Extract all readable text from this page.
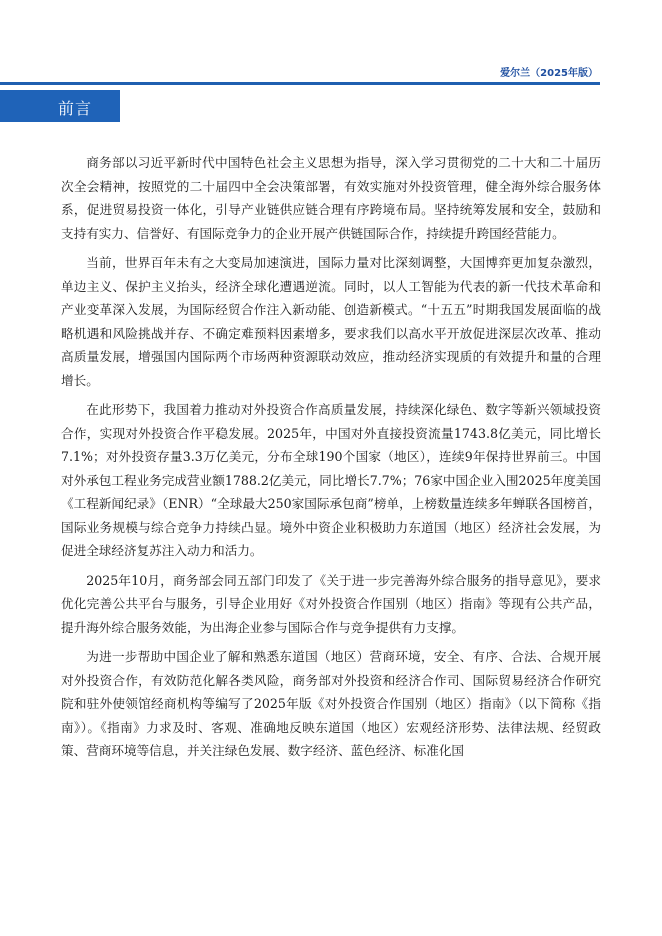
爱尔兰（2025年版）
前言

商务部以习近平新时代中国特色社会主义思想为指导，深入学习贯彻党的二十大和二十届历次全会精神，按照党的二十届四中全会决策部署，有效实施对外投资管理，健全海外综合服务体系，促进贸易投资一体化，引导产业链供应链合理有序跨境布局。坚持统筹发展和安全，鼓励和支持有实力、信誉好、有国际竞争力的企业开展产供链国际合作，持续提升跨国经营能力。

当前，世界百年未有之大变局加速演进，国际力量对比深刻调整，大国博弈更加复杂激烈，单边主义、保护主义抬头，经济全球化遭遇逆流。同时，以人工智能为代表的新一代技术革命和产业变革深入发展，为国际经贸合作注入新动能、创造新模式。“十五五”时期我国发展面临的战略机遇和风险挑战并存、不确定难预料因素增多，要求我们以高水平开放促进深层次改革、推动高质量发展，增强国内国际两个市场两种资源联动效应，推动经济实现质的有效提升和量的合理增长。

在此形势下，我国着力推动对外投资合作高质量发展，持续深化绿色、数字等新兴领域投资合作，实现对外投资合作平稳发展。2025年，中国对外直接投资流量1743.8亿美元，同比增长7.1%；对外投资存量3.3万亿美元，分布全球190个国家（地区），连续9年保持世界前三。中国对外承包工程业务完成营业额1788.2亿美元，同比增长7.7%；76家中国企业入围2025年度美国《工程新闻纪录》（ENR）“全球最大250家国际承包商”榜单，上榜数量连续多年蝉联各国榜首，国际业务规模与综合竞争力持续凸显。境外中资企业积极助力东道国（地区）经济社会发展，为促进全球经济复苏注入动力和活力。

2025年10月，商务部会同五部门印发了《关于进一步完善海外综合服务的指导意见》，要求优化完善公共平台与服务，引导企业用好《对外投资合作国别（地区）指南》等现有公共产品，提升海外综合服务效能，为出海企业参与国际合作与竞争提供有力支撑。

为进一步帮助中国企业了解和熟悉东道国（地区）营商环境，安全、有序、合法、合规开展对外投资合作，有效防范化解各类风险，商务部对外投资和经济合作司、国际贸易经济合作研究院和驻外使领馆经商机构等编写了2025年版《对外投资合作国别（地区）指南》（以下简称《指南》）。《指南》力求及时、客观、准确地反映东道国（地区）宏观经济形势、法律法规、经贸政策、营商环境等信息，并关注绿色发展、数字经济、蓝色经济、标准化国
